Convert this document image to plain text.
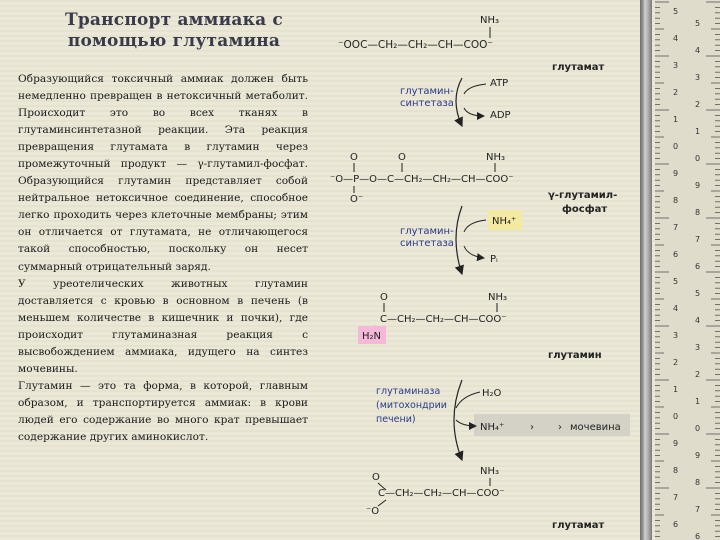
Транспорт аммиака с помощью глутамина

Образующийся токсичный аммиак должен быть немедленно превращен в нетоксичный метаболит. Происходит это во всех тканях в глутаминсинтетазной реакции. Эта реакция превращения глутамата в глутамин через промежуточный продукт — γ-глутамил-фосфат. Образующийся глутамин представляет собой нейтральное нетоксичное соединение, способное легко проходить через клеточные мембраны; этим он отличается от глутамата, не отличающегося такой способностью, поскольку он несет суммарный отрицательный заряд.

У уреотелических животных глутамин доставляется с кровью в основном в печень (в меньшем количестве в кишечник и почки), где происходит глутаминазная реакция с высвобождением аммиака, идущего на синтез мочевины.

Глутамин — это та форма, в которой, главным образом, и транспортируется аммиак: в крови людей его содержание во много крат превышает содержание других аминокислот.

NH₃
⁻OOC—CH₂—CH₂—CH—COO⁻
глутамат
глутамин-
синтетаза
ATP
ADP
O	O	NH₃
⁻O—P—O—C—CH₂—CH₂—CH—COO⁻
O⁻	γ-глутамил-
фосфат
глутамин-
синтетаза
NH₄⁺
Pᵢ
O	NH₃
C—CH₂—CH₂—CH—COO⁻
H₂N
глутамин
глутаминаза
(митохондрии
печени)
H₂O
NH₄⁺	› › мочевина
O
NH₃
C—CH₂—CH₂—CH—COO⁻
⁻O
глутамат
5
5
4
4
3
3
2
2
1
1
0
0
9
9
8
8
7
7
6
6
5
5
4
4
3
3
2
2
1
1
0
0
9
9
8
8
7
7
6
6
